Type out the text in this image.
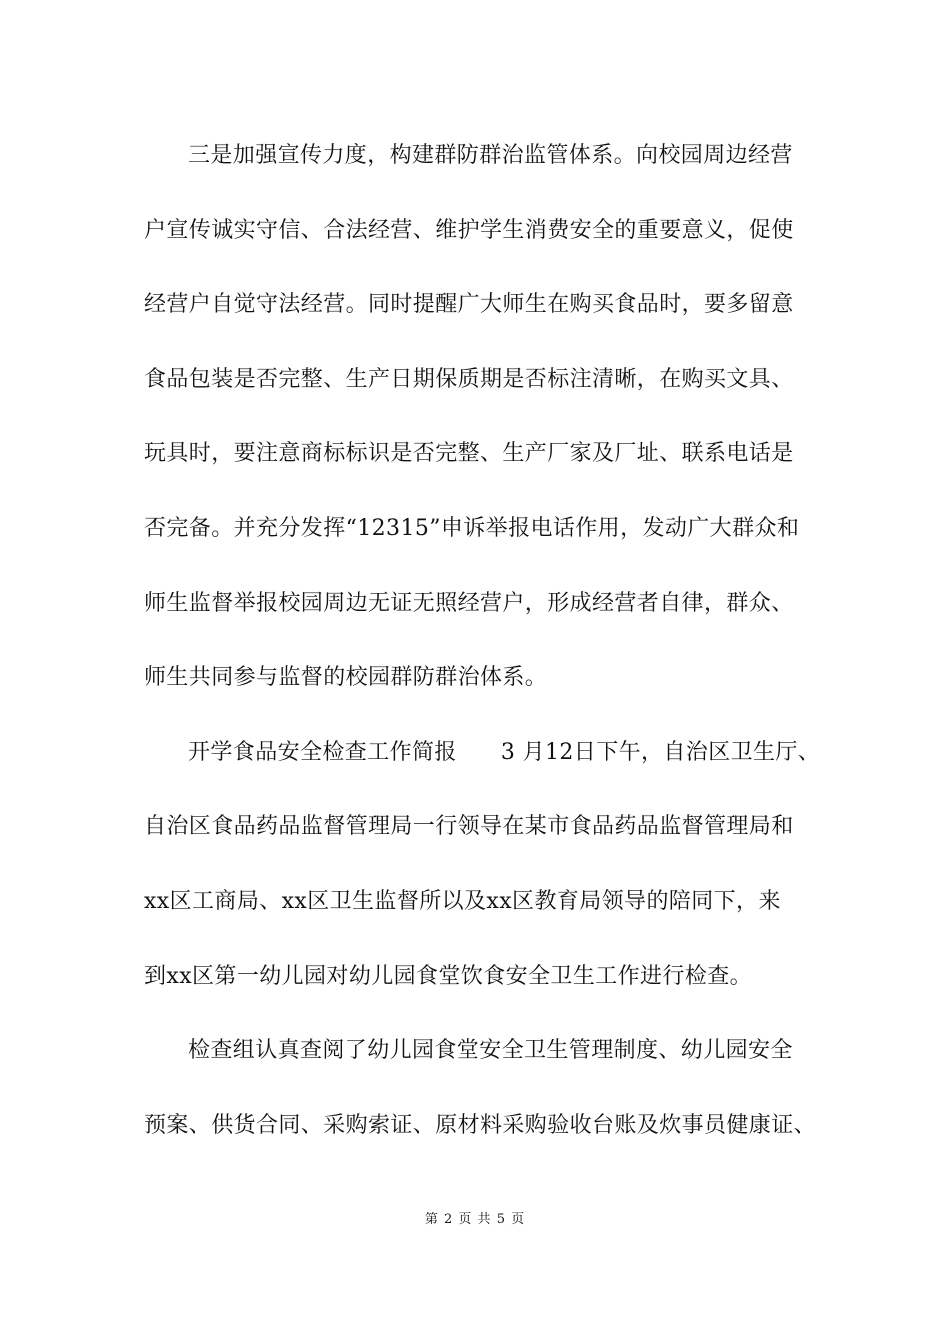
三是加强宣传力度，构建群防群治监管体系。向校园周边经营
户宣传诚实守信、合法经营、维护学生消费安全的重要意义，促使
经营户自觉守法经营。同时提醒广大师生在购买食品时，要多留意
食品包装是否完整、生产日期保质期是否标注清晰，在购买文具、
玩具时，要注意商标标识是否完整、生产厂家及厂址、联系电话是
否完备。并充分发挥“12315”申诉举报电话作用，发动广大群众和
师生监督举报校园周边无证无照经营户，形成经营者自律，群众、
师生共同参与监督的校园群防群治体系。
开学食品安全检查工作简报 3 月12日下午，自治区卫生厅、
自治区食品药品监督管理局一行领导在某市食品药品监督管理局和
xx区工商局、xx区卫生监督所以及xx区教育局领导的陪同下，来
到xx区第一幼儿园对幼儿园食堂饮食安全卫生工作进行检查。
检查组认真查阅了幼儿园食堂安全卫生管理制度、幼儿园安全
预案、供货合同、采购索证、原材料采购验收台账及炊事员健康证、
第 2 页 共 5 页
